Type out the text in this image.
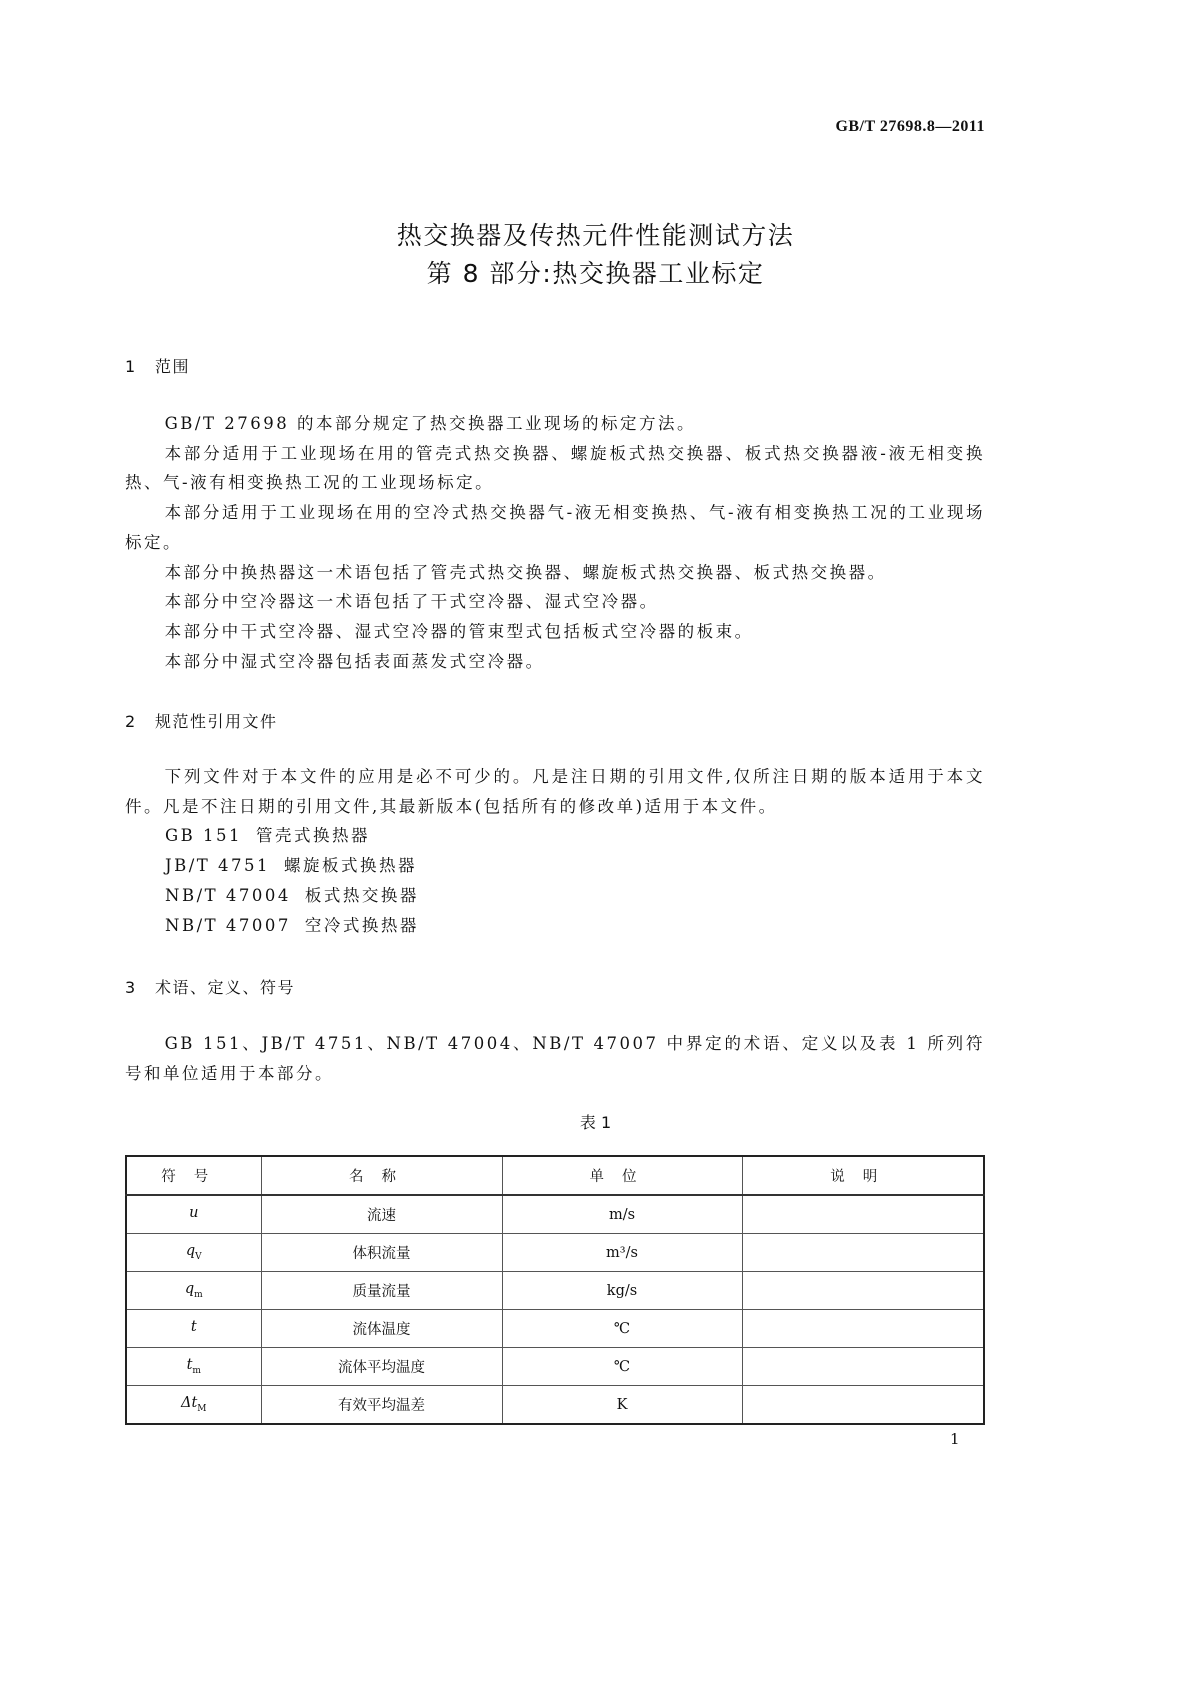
GB/T 27698.8—2011
热交换器及传热元件性能测试方法
第 8 部分:热交换器工业标定
1 范围

GB/T 27698 的本部分规定了热交换器工业现场的标定方法。

本部分适用于工业现场在用的管壳式热交换器、螺旋板式热交换器、板式热交换器液-液无相变换热、气-液有相变换热工况的工业现场标定。

本部分适用于工业现场在用的空冷式热交换器气-液无相变换热、气-液有相变换热工况的工业现场标定。

本部分中换热器这一术语包括了管壳式热交换器、螺旋板式热交换器、板式热交换器。

本部分中空冷器这一术语包括了干式空冷器、湿式空冷器。

本部分中干式空冷器、湿式空冷器的管束型式包括板式空冷器的板束。

本部分中湿式空冷器包括表面蒸发式空冷器。

2 规范性引用文件

下列文件对于本文件的应用是必不可少的。凡是注日期的引用文件,仅所注日期的版本适用于本文件。凡是不注日期的引用文件,其最新版本(包括所有的修改单)适用于本文件。

GB 151 管壳式换热器
JB/T 4751 螺旋板式换热器
NB/T 47004 板式热交换器
NB/T 47007 空冷式换热器
3 术语、定义、符号

GB 151、JB/T 4751、NB/T 47004、NB/T 47007 中界定的术语、定义以及表 1 所列符号和单位适用于本部分。

表 1
符号	名称	单位	说明
u	流速	m/s	
$q_V$	体积流量	m³/s	
$q_m$	质量流量	kg/s	
t	流体温度	℃	
$t_m$	流体平均温度	℃	
$\Delta t_M$	有效平均温差	K	
1
